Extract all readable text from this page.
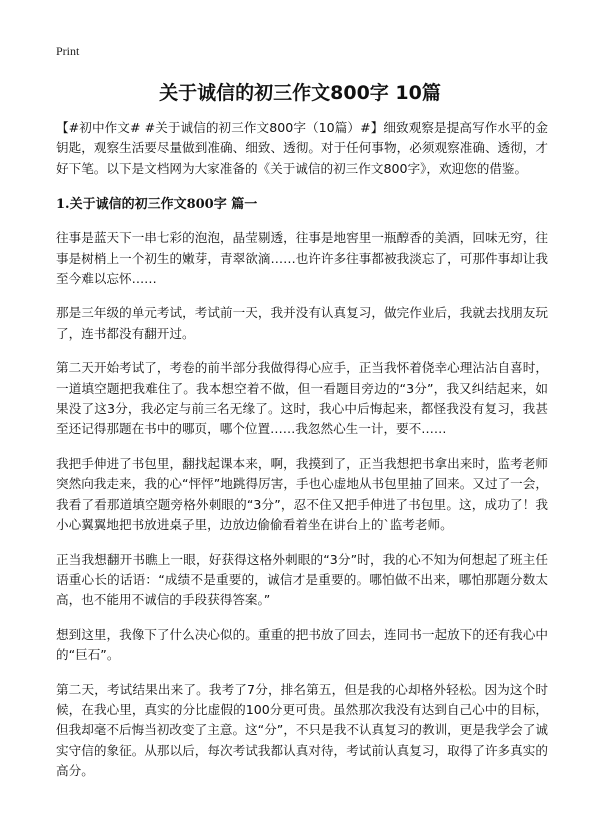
Print
关于诚信的初三作文800字 10篇

【#初中作文# #关于诚信的初三作文800字（10篇）#】细致观察是提高写作水平的金钥匙，观察生活要尽量做到准确、细致、透彻。对于任何事物，必须观察准确、透彻，才好下笔。以下是文档网为大家准备的《关于诚信的初三作文800字》，欢迎您的借鉴。

1.关于诚信的初三作文800字 篇一

往事是蓝天下一串七彩的泡泡，晶莹剔透，往事是地窖里一瓶醇香的美酒，回味无穷，往事是树梢上一个初生的嫩芽，青翠欲滴……也许许多往事都被我淡忘了，可那件事却让我至今难以忘怀……

那是三年级的单元考试，考试前一天，我并没有认真复习，做完作业后，我就去找朋友玩了，连书都没有翻开过。

第二天开始考试了，考卷的前半部分我做得得心应手，正当我怀着侥幸心理沾沾自喜时，一道填空题把我难住了。我本想空着不做，但一看题目旁边的“3分”，我又纠结起来，如果没了这3分，我必定与前三名无缘了。这时，我心中后悔起来，都怪我没有复习，我甚至还记得那题在书中的哪页，哪个位置……我忽然心生一计，要不……

我把手伸进了书包里，翻找起课本来，啊，我摸到了，正当我想把书拿出来时，监考老师突然向我走来，我的心“怦怦”地跳得厉害，手也心虚地从书包里抽了回来。又过了一会，我看了看那道填空题旁格外刺眼的“3分”，忍不住又把手伸进了书包里。这，成功了！我小心翼翼地把书放进桌子里，边放边偷偷看着坐在讲台上的`监考老师。

正当我想翻开书瞧上一眼，好获得这格外刺眼的“3分”时，我的心不知为何想起了班主任语重心长的话语：“成绩不是重要的，诚信才是重要的。哪怕做不出来，哪怕那题分数太高，也不能用不诚信的手段获得答案。”

想到这里，我像下了什么决心似的。重重的把书放了回去，连同书一起放下的还有我心中的“巨石”。

第二天，考试结果出来了。我考了7分，排名第五，但是我的心却格外轻松。因为这个时候，在我心里，真实的分比虚假的100分更可贵。虽然那次我没有达到自己心中的目标，但我却毫不后悔当初改变了主意。这“分”，不只是我不认真复习的教训，更是我学会了诚实守信的象征。从那以后，每次考试我都认真对待，考试前认真复习，取得了许多真实的高分。
